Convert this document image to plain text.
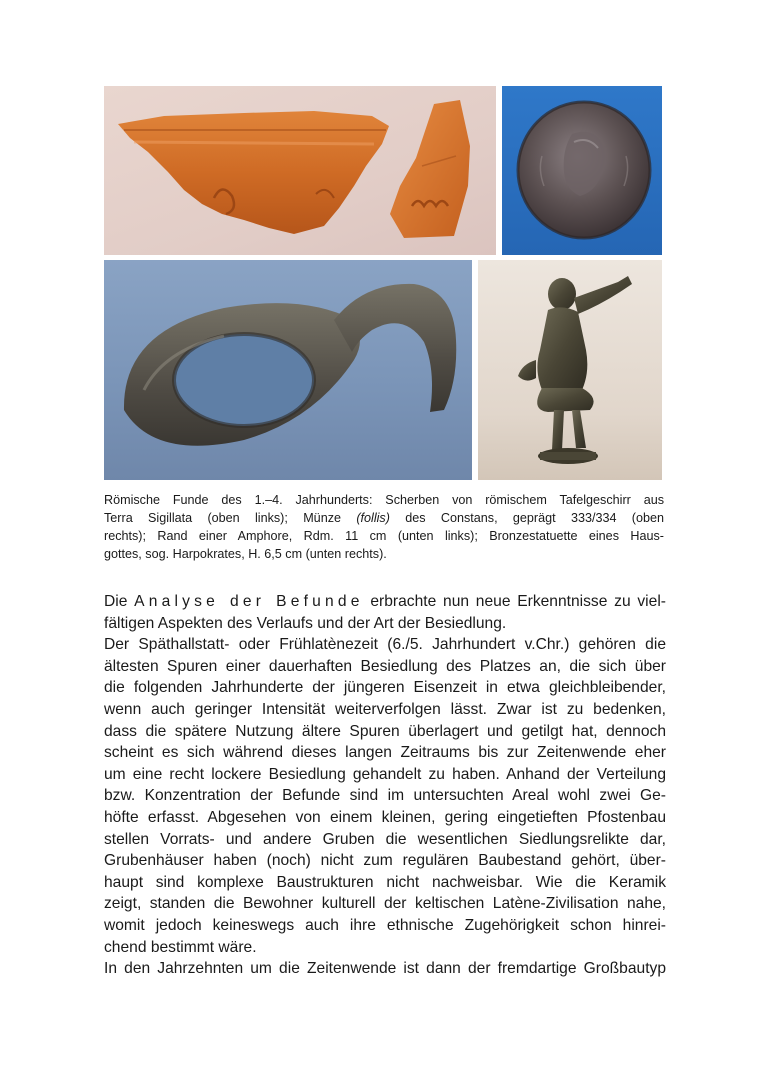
Römische Funde des 1.–4. Jahrhunderts: Scherben von römischem Tafelgeschirr aus
Terra Sigillata (oben links); Münze (follis) des Constans, geprägt 333/334 (oben
rechts); Rand einer Amphore, Rdm. 11 cm (unten links); Bronzestatuette eines Haus-
gottes, sog. Harpokrates, H. 6,5 cm (unten rechts).

Die Analyse der Befunde erbrachte nun neue Erkenntnisse zu viel-
fältigen Aspekten des Verlaufs und der Art der Besiedlung.
Der Späthallstatt- oder Frühlatènezeit (6./5. Jahrhundert v.Chr.) gehören die
ältesten Spuren einer dauerhaften Besiedlung des Platzes an, die sich über
die folgenden Jahrhunderte der jüngeren Eisenzeit in etwa gleichbleibender,
wenn auch geringer Intensität weiterverfolgen lässt. Zwar ist zu bedenken,
dass die spätere Nutzung ältere Spuren überlagert und getilgt hat, dennoch
scheint es sich während dieses langen Zeitraums bis zur Zeitenwende eher
um eine recht lockere Besiedlung gehandelt zu haben. Anhand der Verteilung
bzw. Konzentration der Befunde sind im untersuchten Areal wohl zwei Ge-
höfte erfasst. Abgesehen von einem kleinen, gering eingetieften Pfostenbau
stellen Vorrats- und andere Gruben die wesentlichen Siedlungsrelikte dar,
Grubenhäuser haben (noch) nicht zum regulären Baubestand gehört, über-
haupt sind komplexe Baustrukturen nicht nachweisbar. Wie die Keramik
zeigt, standen die Bewohner kulturell der keltischen Latène-Zivilisation nahe,
womit jedoch keineswegs auch ihre ethnische Zugehörigkeit schon hinrei-
chend bestimmt wäre.
In den Jahrzehnten um die Zeitenwende ist dann der fremdartige Großbautyp
